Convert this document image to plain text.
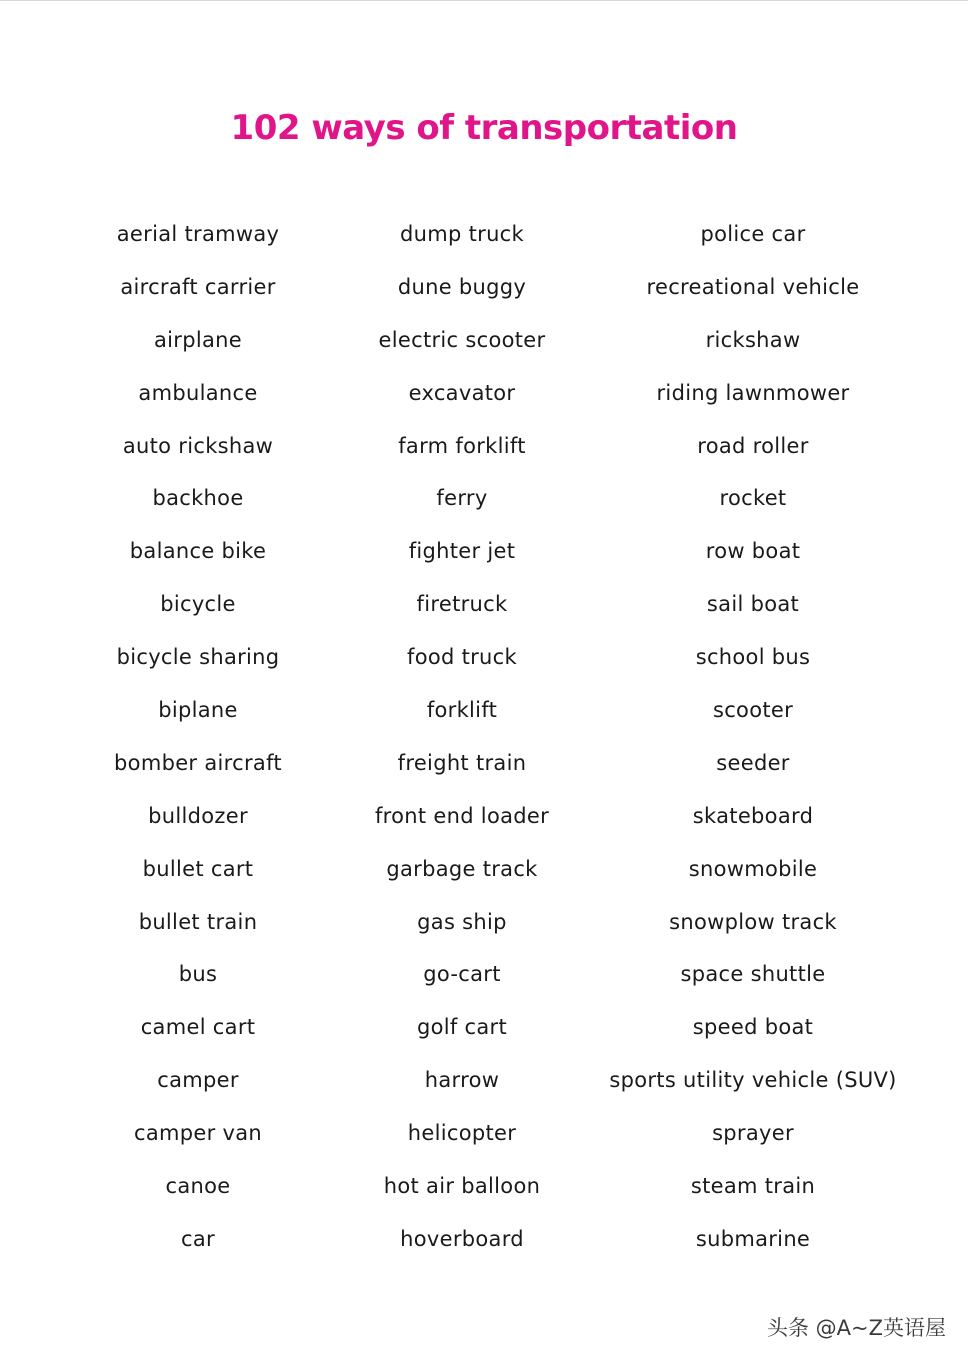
102 ways of transportation
aerial tramway
aircraft carrier
airplane
ambulance
auto rickshaw
backhoe
balance bike
bicycle
bicycle sharing
biplane
bomber aircraft
bulldozer
bullet cart
bullet train
bus
camel cart
camper
camper van
canoe
car
dump truck
dune buggy
electric scooter
excavator
farm forklift
ferry
fighter jet
firetruck
food truck
forklift
freight train
front end loader
garbage track
gas ship
go-cart
golf cart
harrow
helicopter
hot air balloon
hoverboard
police car
recreational vehicle
rickshaw
riding lawnmower
road roller
rocket
row boat
sail boat
school bus
scooter
seeder
skateboard
snowmobile
snowplow track
space shuttle
speed boat
sports utility vehicle (SUV)
sprayer
steam train
submarine
头条 @A~Z英语屋
